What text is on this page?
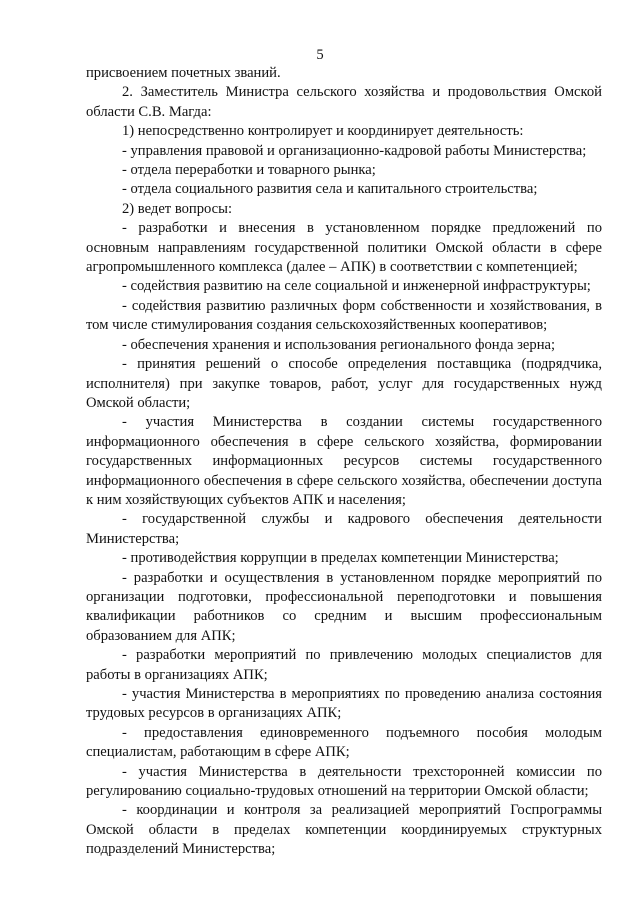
5

присвоением почетных званий.

2. Заместитель Министра сельского хозяйства и продовольствия Омской области С.В. Магда:

1) непосредственно контролирует и координирует деятельность:

- управления правовой и организационно-кадровой работы Министерства;

- отдела переработки и товарного рынка;

- отдела социального развития села и капитального строительства;

2) ведет вопросы:

- разработки и внесения в установленном порядке предложений по основным направлениям государственной политики Омской области в сфере агропромышленного комплекса (далее – АПК) в соответствии с компетенцией;

- содействия развитию на селе социальной и инженерной инфраструктуры;

- содействия развитию различных форм собственности и хозяйствования, в том числе стимулирования создания сельскохозяйственных кооперативов;

- обеспечения хранения и использования регионального фонда зерна;

- принятия решений о способе определения поставщика (подрядчика, исполнителя) при закупке товаров, работ, услуг для государственных нужд Омской области;

- участия Министерства в создании системы государственного информационного обеспечения в сфере сельского хозяйства, формировании государственных информационных ресурсов системы государственного информационного обеспечения в сфере сельского хозяйства, обеспечении доступа к ним хозяйствующих субъектов АПК и населения;

- государственной службы и кадрового обеспечения деятельности Министерства;

- противодействия коррупции в пределах компетенции Министерства;

- разработки и осуществления в установленном порядке мероприятий по организации подготовки, профессиональной переподготовки и повышения квалификации работников со средним и высшим профессиональным образованием для АПК;

- разработки мероприятий по привлечению молодых специалистов для работы в организациях АПК;

- участия Министерства в мероприятиях по проведению анализа состояния трудовых ресурсов в организациях АПК;

- предоставления единовременного подъемного пособия молодым специалистам, работающим в сфере АПК;

- участия Министерства в деятельности трехсторонней комиссии по регулированию социально-трудовых отношений на территории Омской области;

- координации и контроля за реализацией мероприятий Госпрограммы Омской области в пределах компетенции координируемых структурных подразделений Министерства;
